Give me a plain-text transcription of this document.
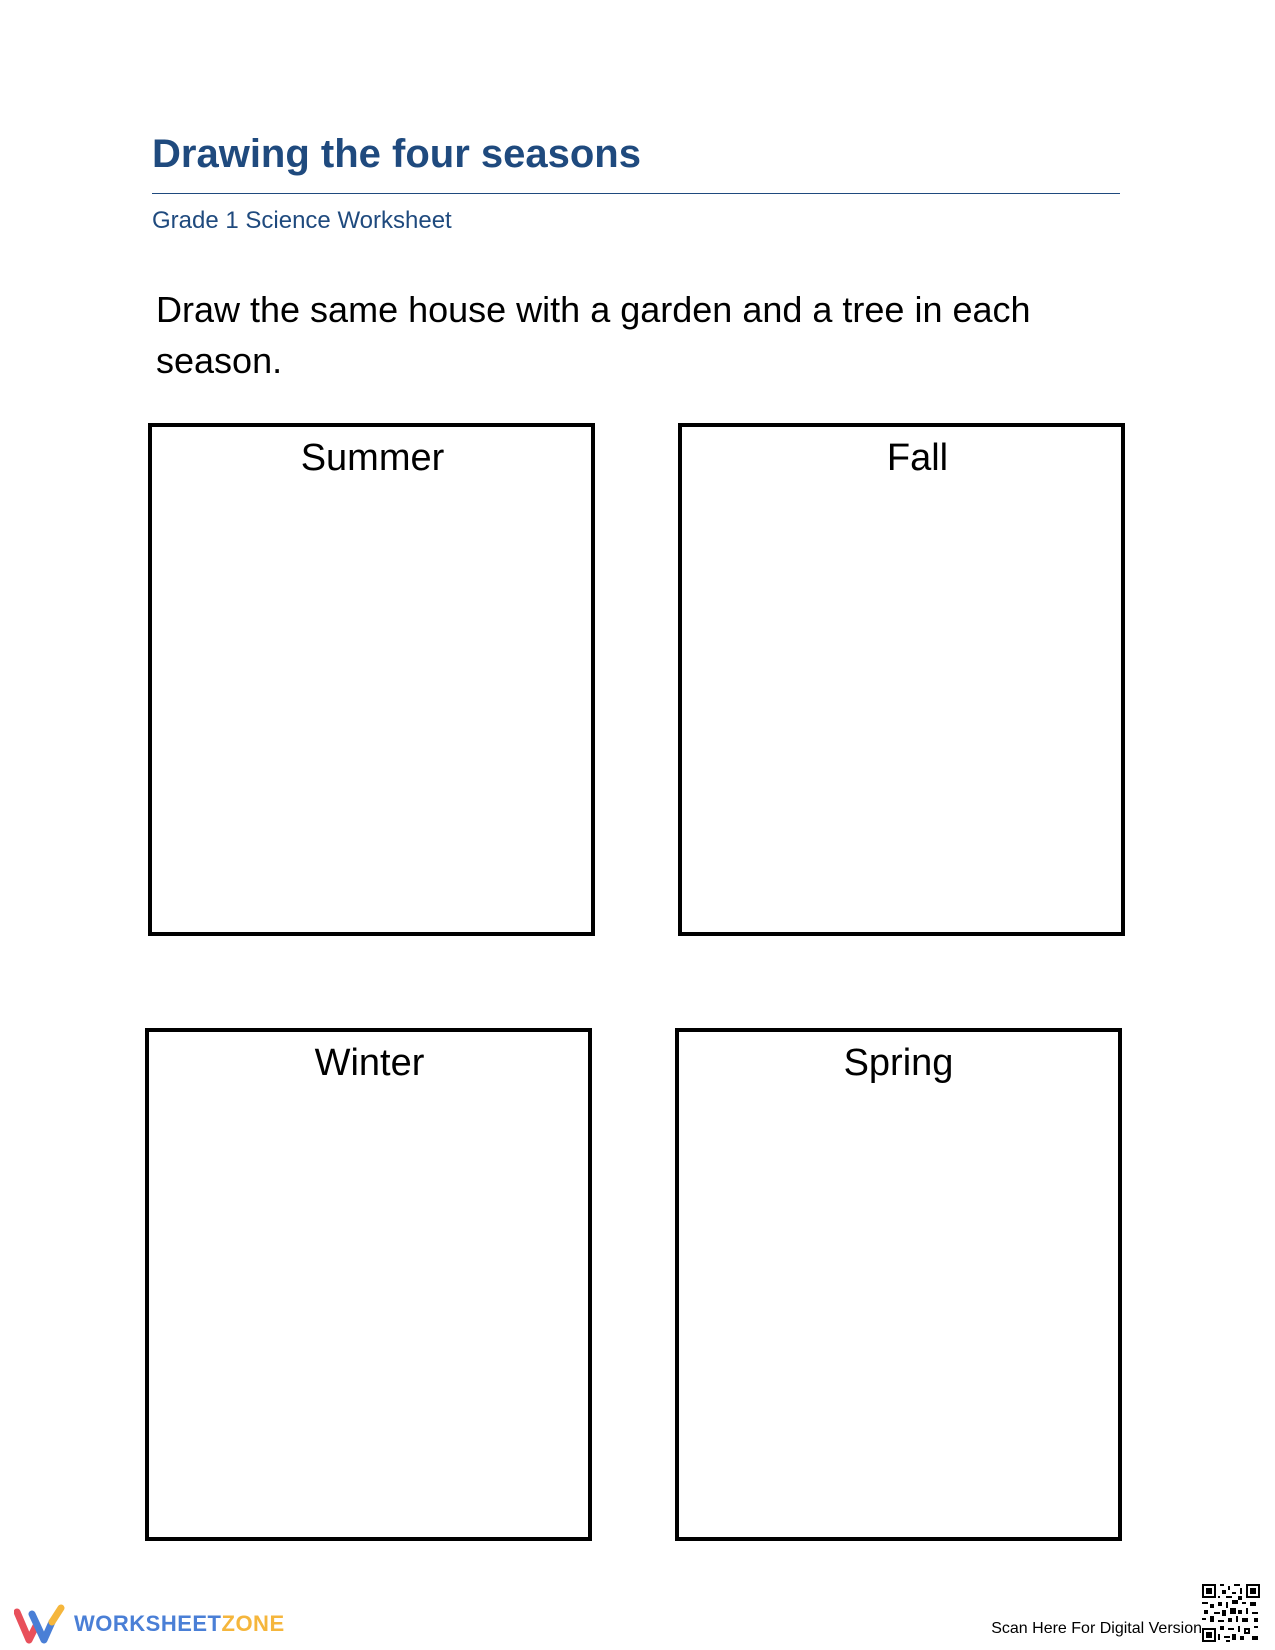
Drawing the four seasons
Grade 1 Science Worksheet
Draw the same house with a garden and a tree in each season.
Summer	Fall
Winter	Spring
WORKSHEETZONE	Scan Here For Digital Version
